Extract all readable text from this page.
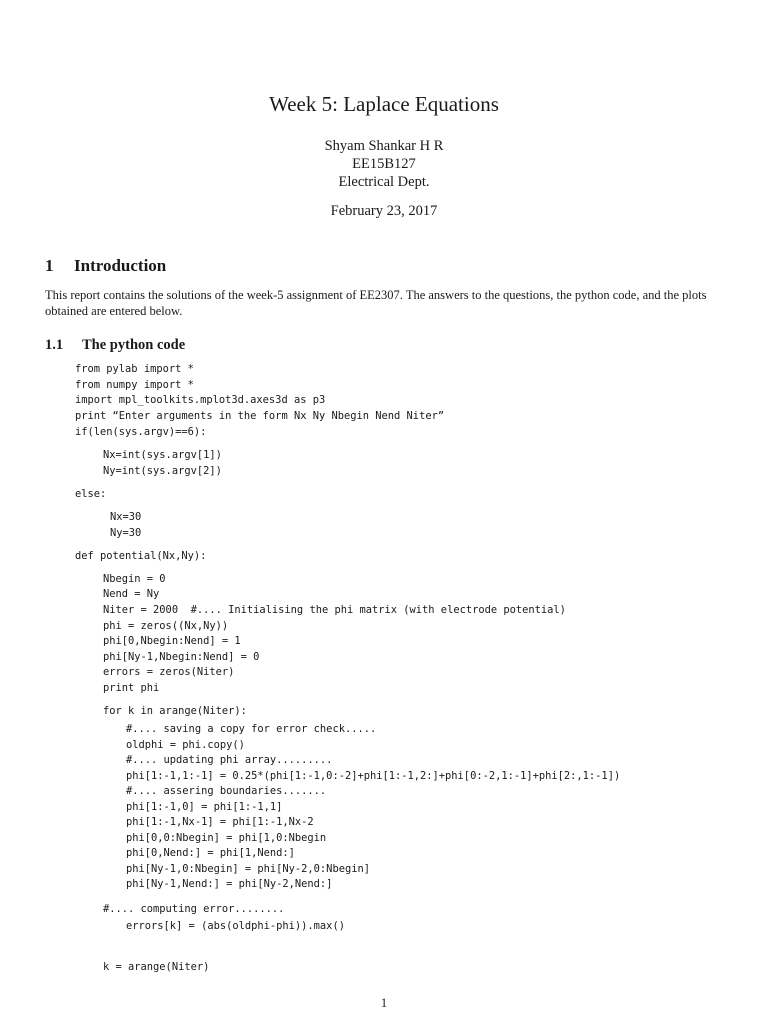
Week 5: Laplace Equations
Shyam Shankar H R
EE15B127
Electrical Dept.
February 23, 2017
1 Introduction

This report contains the solutions of the week-5 assignment of EE2307. The answers to the questions, the python code, and the plots obtained are entered below.

1.1 The python code

from pylab import *

from numpy import *

import mpl_toolkits.mplot3d.axes3d as p3

print “Enter arguments in the form Nx Ny Nbegin Nend Niter”

if(len(sys.argv)==6):

Nx=int(sys.argv[1])

Ny=int(sys.argv[2])

else:

Nx=30

Ny=30

def potential(Nx,Ny):

Nbegin = 0

Nend = Ny

Niter = 2000  #.... Initialising the phi matrix (with electrode potential)

phi = zeros((Nx,Ny))

phi[0,Nbegin:Nend] = 1

phi[Ny-1,Nbegin:Nend] = 0

errors = zeros(Niter)

print phi

for k in arange(Niter):

#.... saving a copy for error check.....

oldphi = phi.copy()

#.... updating phi array.........

phi[1:-1,1:-1] = 0.25*(phi[1:-1,0:-2]+phi[1:-1,2:]+phi[0:-2,1:-1]+phi[2:,1:-1])

#.... assering boundaries.......

phi[1:-1,0] = phi[1:-1,1]

phi[1:-1,Nx-1] = phi[1:-1,Nx-2

phi[0,0:Nbegin] = phi[1,0:Nbegin

phi[0,Nend:] = phi[1,Nend:]

phi[Ny-1,0:Nbegin] = phi[Ny-2,0:Nbegin]

phi[Ny-1,Nend:] = phi[Ny-2,Nend:]

#.... computing error........

errors[k] = (abs(oldphi-phi)).max()

k = arange(Niter)

1
